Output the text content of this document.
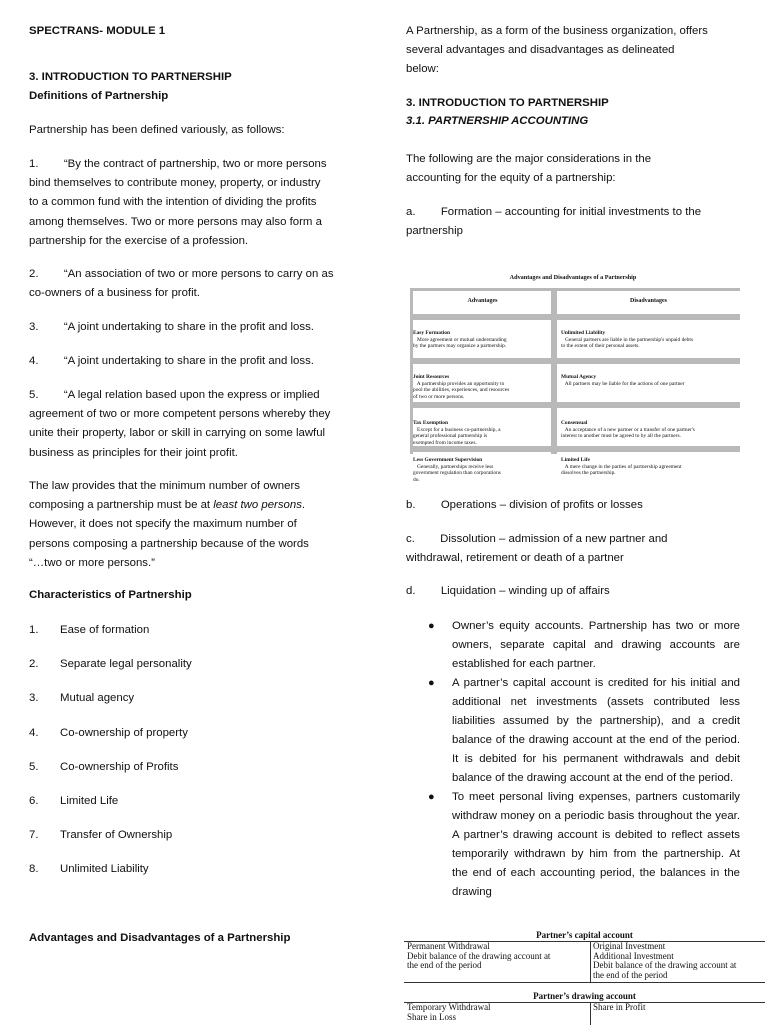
SPECTRANS- MODULE 1

3. INTRODUCTION TO PARTNERSHIP

Definitions of Partnership

Partnership has been defined variously, as follows:

1.        “By the contract of partnership, two or more persons

bind themselves to contribute money, property, or industry

to a common fund with the intention of dividing the profits

among themselves. Two or more persons may also form a

partnership for the exercise of a profession.

2.        “An association of two or more persons to carry on as

co-owners of a business for profit.

3.        “A joint undertaking to share in the profit and loss.

4.        “A joint undertaking to share in the profit and loss.

5.        “A legal relation based upon the express or implied

agreement of two or more competent persons whereby they

unite their property, labor or skill in carrying on some lawful

business as principles for their joint profit.

The law provides that the minimum number of owners

composing a partnership must be at least two persons.

However, it does not specify the maximum number of

persons composing a partnership because of the words

“…two or more persons.”

Characteristics of Partnership

1. Ease of formation
2. Separate legal personality
3. Mutual agency
4. Co-ownership of property
5. Co-ownership of Profits
6. Limited Life
7. Transfer of Ownership
8. Unlimited Liability

Advantages and Disadvantages of a Partnership

A Partnership, as a form of the business organization, offers

several advantages and disadvantages as delineated

below:

3. INTRODUCTION TO PARTNERSHIP

3.1. PARTNERSHIP ACCOUNTING

The following are the major considerations in the

accounting for the equity of a partnership:

a.        Formation – accounting for initial investments to the

partnership

b.        Operations – division of profits or losses

c.        Dissolution – admission of a new partner and

withdrawal, retirement or death of a partner

d.        Liquidation – winding up of affairs

● Owner’s equity accounts. Partnership has two or more owners, separate capital and drawing accounts are established for each partner.
● A partner’s capital account is credited for his initial and additional net investments (assets contributed less liabilities assumed by the partnership), and a credit balance of the drawing account at the end of the period. It is debited for his permanent withdrawals and debit balance of the drawing account at the end of the period.
● To meet personal living expenses, partners customarily withdraw money on a periodic basis throughout the year. A partner’s drawing account is debited to reflect assets temporarily withdrawn by him from the partnership. At the end of each accounting period, the balances in the drawing
Advantages and Disadvantages of a Partnership
Advantages	Disadvantages
Easy Formation
More agreement or mutual understanding
by the partners may organize a partnership.
Unlimited Liability
General partners are liable in the partnership's unpaid debts
to the extent of their personal assets.
Joint Resources
A partnership provides an opportunity to
pool the abilities, experiences, and resources
of two or more persons.
Mutual Agency
All partners may be liable for the actions of one partner
Tax Exemption
Except for a business co-partnership, a
general professional partnership is
exempted from income taxes.
Consensual
An acceptance of a new partner or a transfer of one partner's
interest to another must be agreed to by all the partners.
Less Government Supervision
Generally, partnerships receive less
government regulation than corporations
do.
Limited Life
A mere change in the parties of partnership agreement
dissolves the partnership.
Partner’s capital account
Permanent Withdrawal
Debit balance of the drawing account at
the end of the period
Original Investment
Additional Investment
Debit balance of the drawing account at
the end of the period
Partner’s drawing account
Temporary Withdrawal
Share in Loss
Share in Profit
